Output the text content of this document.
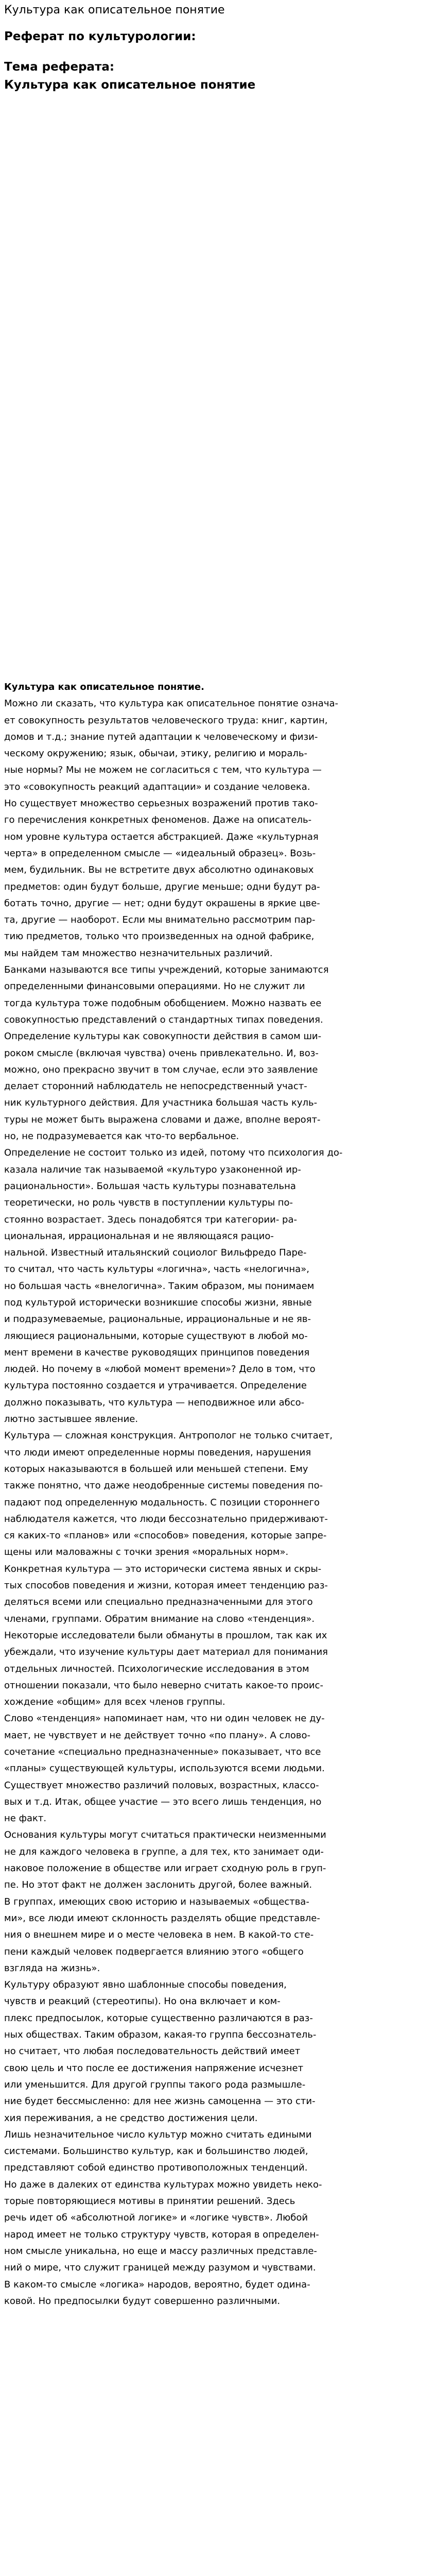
Культура как описательное понятие
Реферат по культурологии:
Тема реферата:
Культура как описательное понятие
Культура как описательное понятие.
Можно ли сказать, что культура как описательное понятие означа-
ет совокупность результатов человеческого труда: книг, картин,
домов и т.д.; знание путей адаптации к человеческому и физи-
ческому окружению; язык, обычаи, этику, религию и мораль-
ные нормы? Мы не можем не согласиться с тем, что культура —
это «совокупность реакций адаптации» и создание человека.
Но существует множество серьезных возражений против тако-
го перечисления конкретных феноменов. Даже на описатель-
ном уровне культура остается абстракцией. Даже «культурная
черта» в определенном смысле — «идеальный образец». Возь-
мем, будильник. Вы не встретите двух абсолютно одинаковых
предметов: один будут больше, другие меньше; одни будут ра-
ботать точно, другие — нет; одни будут окрашены в яркие цве-
та, другие — наоборот. Если мы внимательно рассмотрим пар-
тию предметов, только что произведенных на одной фабрике,
мы найдем там множество незначительных различий.
Банками называются все типы учреждений, которые занимаются
определенными финансовыми операциями. Но не служит ли
тогда культура тоже подобным обобщением. Можно назвать ее
совокупностью представлений о стандартных типах поведения.
Определение культуры как совокупности действия в самом ши-
роком смысле (включая чувства) очень привлекательно. И, воз-
можно, оно прекрасно звучит в том случае, если это заявление
делает сторонний наблюдатель не непосредственный участ-
ник культурного действия. Для участника большая часть куль-
туры не может быть выражена словами и даже, вполне вероят-
но, не подразумевается как что-то вербальное.
Определение не состоит только из идей, потому что психология до-
казала наличие так называемой «культуро узаконенной ир-
рациональности». Большая часть культуры познавательна
теоретически, но роль чувств в поступлении культуры по-
стоянно возрастает. Здесь понадобятся три категории- ра-
циональная, иррациональная и не являющаяся рацио-
нальной. Известный итальянский социолог Вильфредо Паре-
то считал, что часть культуры «логична», часть «нелогична»,
но большая часть «внелогична». Таким образом, мы понимаем
под культурой исторически возникшие способы жизни, явные
и подразумеваемые, рациональные, иррациональные и не яв-
ляющиеся рациональными, которые существуют в любой мо-
мент времени в качестве руководящих принципов поведения
людей. Но почему в «любой момент времени»? Дело в том, что
культура постоянно создается и утрачивается. Определение
должно показывать, что культура — неподвижное или абсо-
лютно застывшее явление.
Культура — сложная конструкция. Антрополог не только считает,
что люди имеют определенные нормы поведения, нарушения
которых наказываются в большей или меньшей степени. Ему
также понятно, что даже неодобренные системы поведения по-
падают под определенную модальность. С позиции стороннего
наблюдателя кажется, что люди бессознательно придерживают-
ся каких-то «планов» или «способов» поведения, которые запре-
щены или маловажны с точки зрения «моральных норм».
Конкретная культура — это исторически система явных и скры-
тых способов поведения и жизни, которая имеет тенденцию раз-
деляться всеми или специально предназначенными для этого
членами, группами. Обратим внимание на слово «тенденция».
Некоторые исследователи были обмануты в прошлом, так как их
убеждали, что изучение культуры дает материал для понимания
отдельных личностей. Психологические исследования в этом
отношении показали, что было неверно считать какое-то проис-
хождение «общим» для всех членов группы.
Слово «тенденция» напоминает нам, что ни один человек не ду-
мает, не чувствует и не действует точно «по плану». А слово-
сочетание «специально предназначенные» показывает, что все
«планы» существующей культуры, используются всеми людьми.
Существует множество различий половых, возрастных, классо-
вых и т.д. Итак, общее участие — это всего лишь тенденция, но
не факт.
Основания культуры могут считаться практически неизменными
не для каждого человека в группе, а для тех, кто занимает оди-
наковое положение в обществе или играет сходную роль в груп-
пе. Но этот факт не должен заслонить другой, более важный.
В группах, имеющих свою историю и называемых «общества-
ми», все люди имеют склонность разделять общие представле-
ния о внешнем мире и о месте человека в нем. В какой-то сте-
пени каждый человек подвергается влиянию этого «общего
взгляда на жизнь».
Культуру образуют явно шаблонные способы поведения,
чувств и реакций (стереотипы). Но она включает и ком-
плекс предпосылок, которые существенно различаются в раз-
ных обществах. Таким образом, какая-то группа бессознатель-
но считает, что любая последовательность действий имеет
свою цель и что после ее достижения напряжение исчезнет
или уменьшится. Для другой группы такого рода размышле-
ние будет бессмысленно: для нее жизнь самоценна — это сти-
хия переживания, а не средство достижения цели.
Лишь незначительное число культур можно считать едиными
системами. Большинство культур, как и большинство людей,
представляют собой единство противоположных тенденций.
Но даже в далеких от единства культурах можно увидеть неко-
торые повторяющиеся мотивы в принятии решений. Здесь
речь идет об «абсолютной логике» и «логике чувств». Любой
народ имеет не только структуру чувств, которая в определен-
ном смысле уникальна, но еще и массу различных представле-
ний о мире, что служит границей между разумом и чувствами.
В каком-то смысле «логика» народов, вероятно, будет одина-
ковой. Но предпосылки будут совершенно различными.
